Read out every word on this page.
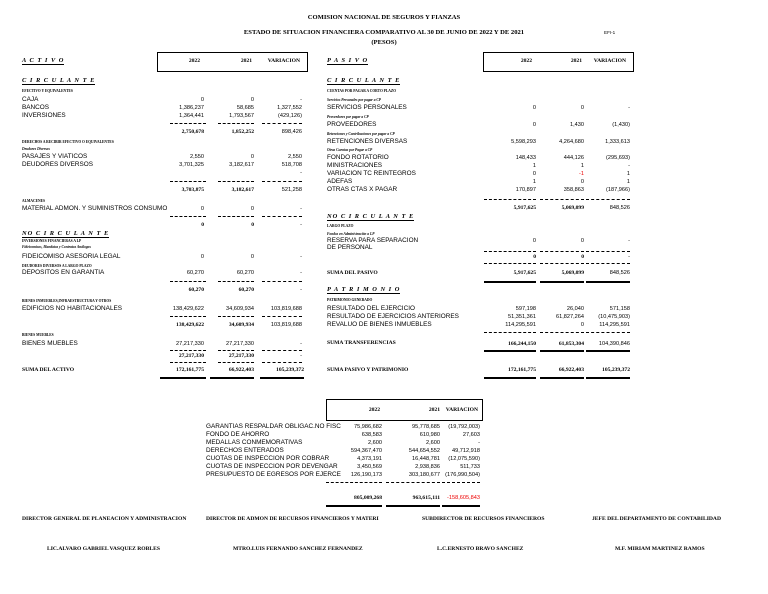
COMISION NACIONAL DE SEGUROS Y FIANZAS
ESTADO DE SITUACION FINANCIERA COMPARATIVO AL 30 DE JUNIO DE 2022 Y DE 2021
(PESOS)
EFI-1
A C T I V O	2022	2021	VARIACION	P A S I V O	2022	2021	VARIACION
C I R C U L A N T E
EFECTIVO Y EQUIVALENTES
CAJA	0	0	-
BANCOS	1,386,237	58,685	1,327,552
INVERSIONES	1,364,441	1,793,567	(429,126)
2,750,678	1,852,252	898,426
DERECHOS A RECIBIR EFECTIVO O EQUIVALENTES
Deudores Diversos
PASAJES Y VIATICOS	2,550	0	2,550
DEUDORES DIVERSOS	3,701,325	3,182,617	518,708
-
3,703,875	3,182,617	521,258
ALMACENES
MATERIAL ADMON. Y SUMINISTROS CONSUMO	0	0	-
0	0	-
NO C I R C U L A N T E
INVERSIONES FINANCIERAS A LP
Fideicomisos, Mandatos y Contratos Análogos
FIDEICOMISO ASESORIA LEGAL	0	0	-
DEUDORES DIVERSOS A LARGO PLAZO
DEPOSITOS EN GARANTIA	60,270	60,270	-
60,270	60,270	-
BIENES INMUEBLES,INFRAESTRUCTURA Y OTROS
EDIFICIOS NO HABITACIONALES	138,429,622	34,609,934	103,819,688
138,429,622	34,609,934	103,819,688
BIENES MUEBLES
BIENES MUEBLES	27,217,330	27,217,330	-
27,217,330	27,217,330	-
SUMA DEL ACTIVO	172,161,775	66,922,403	105,239,372
C I R C U L A N T E
CUENTAS POR PAGAR A CORTO PLAZO
Servicios Personales por pagar a CP
SERVICIOS PERSONALES	0	0	-
Proveedores por pagar a CP
PROVEEDORES	0	1,430	(1,430)
Retenciones y Contribuciones por pagar a CP
RETENCIONES DIVERSAS	5,598,293	4,264,680	1,333,613
Otras Cuentas por Pagar a CP
FONDO ROTATORIO	148,433	444,126	(295,693)
MINISTRACIONES	1	1	-
VARIACION TC REINTEGROS	0	-1	1
ADEFAS	1	0	1
OTRAS CTAS X PAGAR	170,897	358,863	(187,966)
5,917,625	5,069,099	848,526
NO C I R C U L A N T E
LARGO PLAZO
Fondos en Administración a LP
RESERVA PARA SEPARACION
DE PERSONAL
0	0	-
0	0	-
SUMA DEL PASIVO	5,917,625	5,069,099	848,526
P A T R I M O N I O
PATRIMONIO GENERADO
RESULTADO DEL EJERCICIO	597,198	26,040	571,158
RESULTADO DE EJERCICIOS ANTERIORES	51,351,361	61,827,264	(10,475,903)
REVALUO DE BIENES INMUEBLES	114,295,591	0	114,295,591
SUMA TRANSFERENCIAS	166,244,150	61,853,304	104,390,846
SUMA PASIVO Y PATRIMONIO	172,161,775	66,922,403	105,239,372
2022	2021	VARIACION
GARANTIAS RESPALDAR OBLIGAC.NO FISC	75,986,682	95,778,685	(19,792,003)
FONDO DE AHORRO	638,583	610,980	27,603
MEDALLAS CONMEMORATIVAS	2,600	2,600	-
DERECHOS ENTERADOS	594,367,470	544,654,552	49,712,918
CUOTAS DE INSPECCION POR COBRAR	4,373,191	16,448,781	(12,075,590)
CUOTAS DE INSPECCION POR DEVENGAR	3,450,569	2,938,836	511,733
PRESUPUESTO DE EGRESOS POR EJERCE	126,190,173	303,180,677 (176,990,504)
805,009,268	963,615,111	-158,605,843
DIRECTOR GENERAL DE PLANEACION Y ADMINISTRACION	DIRECTOR DE ADMON DE RECURSOS FINANCIEROS Y MATERI	SUBDIRECTOR DE RECURSOS FINANCIEROS	JEFE DEL DEPARTAMENTO DE CONTABILIDAD
LIC.ALVARO GABRIEL VASQUEZ ROBLES	MTRO.LUIS FERNANDO SANCHEZ FERNANDEZ	L.C.ERNESTO BRAVO SANCHEZ	M.F. MIRIAM MARTINEZ RAMOS
